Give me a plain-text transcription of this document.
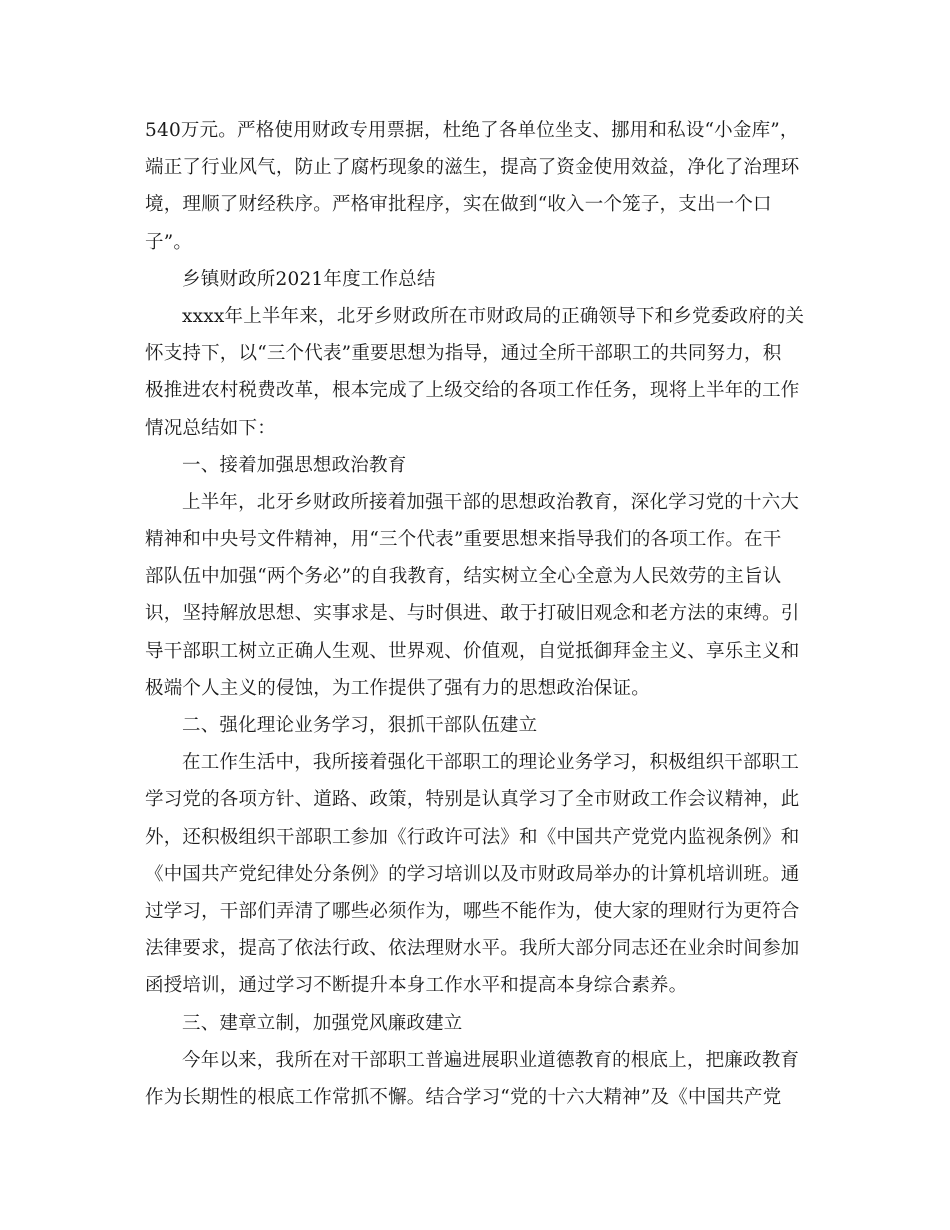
540万元。严格使用财政专用票据，杜绝了各单位坐支、挪用和私设“小金库”，
端正了行业风气，防止了腐朽现象的滋生，提高了资金使用效益，净化了治理环
境，理顺了财经秩序。严格审批程序，实在做到“收入一个笼子，支出一个口
子”。
乡镇财政所2021年度工作总结
xxxx年上半年来，北牙乡财政所在市财政局的正确领导下和乡党委政府的关
怀支持下，以“三个代表”重要思想为指导，通过全所干部职工的共同努力，积
极推进农村税费改革，根本完成了上级交给的各项工作任务，现将上半年的工作
情况总结如下：
一、接着加强思想政治教育
上半年，北牙乡财政所接着加强干部的思想政治教育，深化学习党的十六大
精神和中央号文件精神，用“三个代表”重要思想来指导我们的各项工作。在干
部队伍中加强“两个务必”的自我教育，结实树立全心全意为人民效劳的主旨认
识，坚持解放思想、实事求是、与时俱进、敢于打破旧观念和老方法的束缚。引
导干部职工树立正确人生观、世界观、价值观，自觉抵御拜金主义、享乐主义和
极端个人主义的侵蚀，为工作提供了强有力的思想政治保证。
二、强化理论业务学习，狠抓干部队伍建立
在工作生活中，我所接着强化干部职工的理论业务学习，积极组织干部职工
学习党的各项方针、道路、政策，特别是认真学习了全市财政工作会议精神，此
外，还积极组织干部职工参加《行政许可法》和《中国共产党党内监视条例》和
《中国共产党纪律处分条例》的学习培训以及市财政局举办的计算机培训班。通
过学习，干部们弄清了哪些必须作为，哪些不能作为，使大家的理财行为更符合
法律要求，提高了依法行政、依法理财水平。我所大部分同志还在业余时间参加
函授培训，通过学习不断提升本身工作水平和提高本身综合素养。
三、建章立制，加强党风廉政建立
今年以来，我所在对干部职工普遍进展职业道德教育的根底上，把廉政教育
作为长期性的根底工作常抓不懈。结合学习“党的十六大精神”及《中国共产党
